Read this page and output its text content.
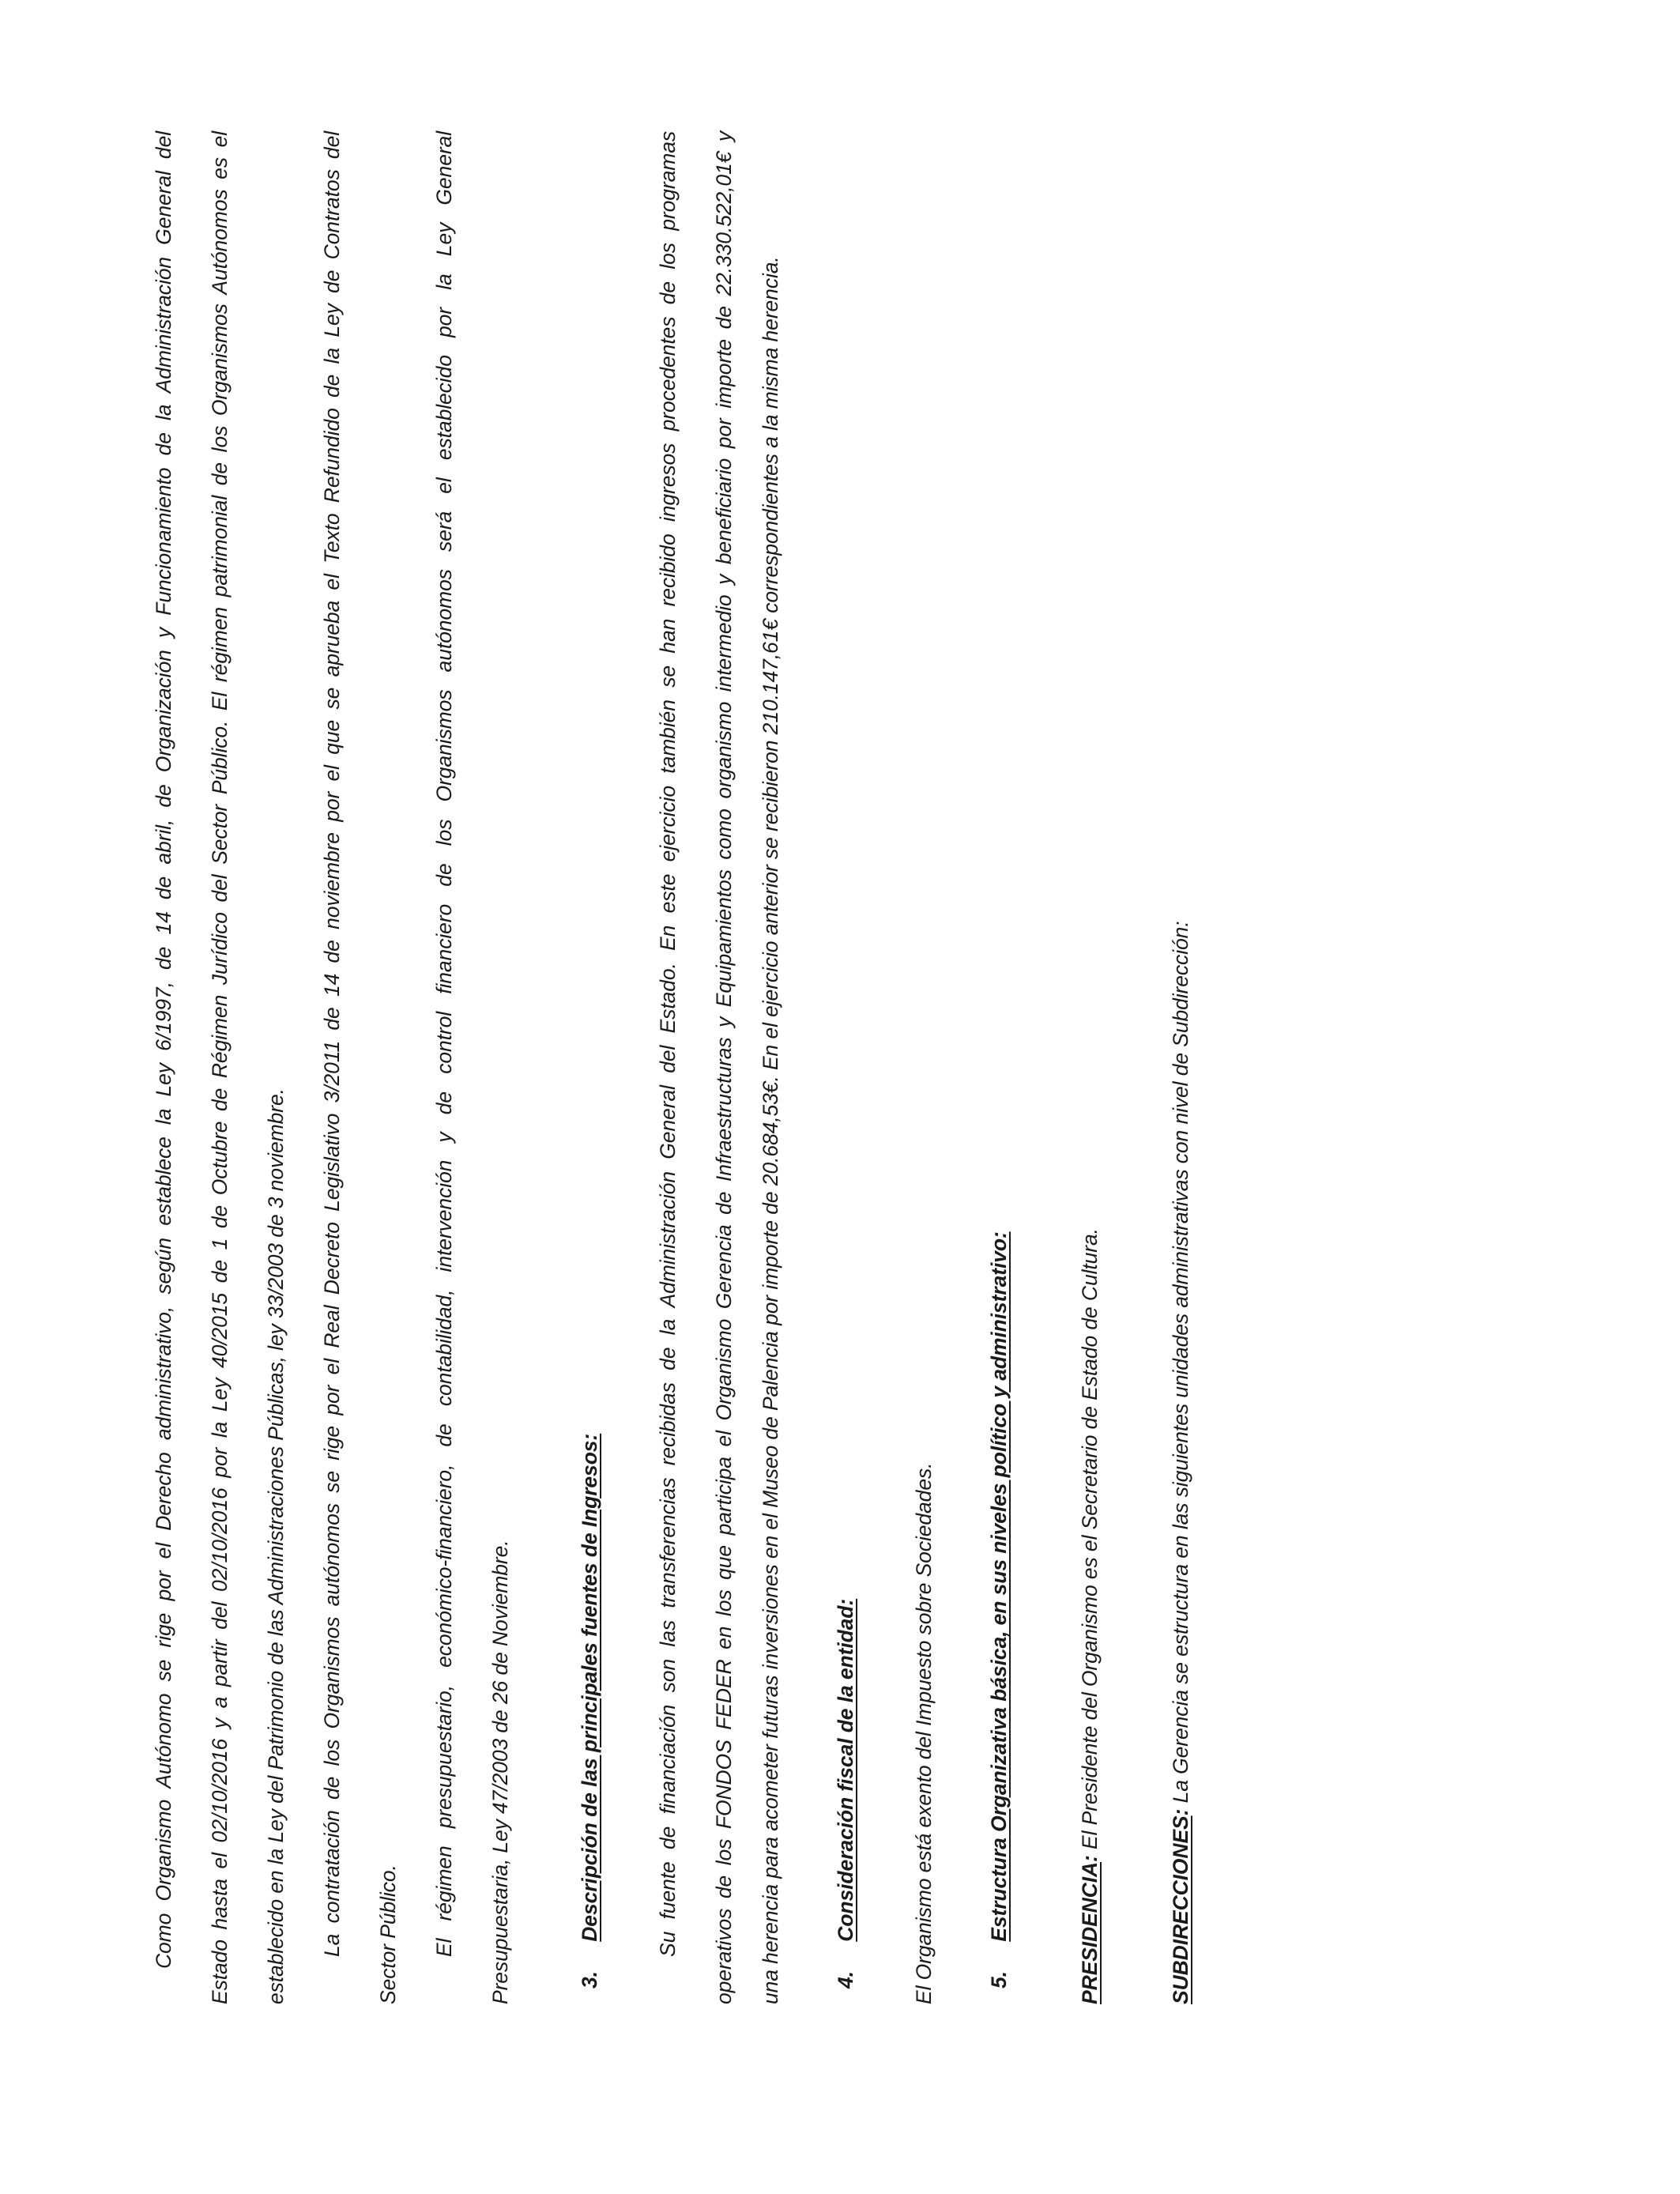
Como Organismo Autónomo se rige por el Derecho administrativo, según establece la Ley 6/1997, de 14 de abril, de Organización y Funcionamiento de la Administración General del Estado hasta el 02/10/2016 y a partir del 02/10/2016 por la Ley 40/2015 de 1 de Octubre de Régimen Jurídico del Sector Público. El régimen patrimonial de los Organismos Autónomos es el establecido en la Ley del Patrimonio de las Administraciones Públicas, ley 33/2003 de 3 noviembre. La contratación de los Organismos autónomos se rige por el Real Decreto Legislativo 3/2011 de 14 de noviembre por el que se aprueba el Texto Refundido de la Ley de Contratos del Sector Público. El régimen presupuestario, económico-financiero, de contabilidad, intervención y de control financiero de los Organismos autónomos será el establecido por la Ley General Presupuestaria, Ley 47/2003 de 26 de Noviembre.	3. Descripción de las principales fuentes de Ingresos:	Su fuente de financiación son las transferencias recibidas de la Administración General del Estado. En este ejercicio también se han recibido ingresos procedentes de los programas operativos de los FONDOS FEDER en los que participa el Organismo Gerencia de Infraestructuras y Equipamientos como organismo intermedio y beneficiario por importe de 22.330.522,01€ y una herencia para acometer futuras inversiones en el Museo de Palencia por importe de 20.684,53€. En el ejercicio anterior se recibieron 210.147,61€ correspondientes a la misma herencia. 4. Consideración fiscal de la entidad:	El Organismo está exento del Impuesto sobre Sociedades. 5. Estructura Organizativa básica, en sus niveles político y administrativo:
PRESIDENCIA: El Presidente del Organismo es el Secretario de Estado de Cultura.
SUBDIRECCIONES: La Gerencia se estructura en las siguientes unidades administrativas con nivel de Subdirección:
